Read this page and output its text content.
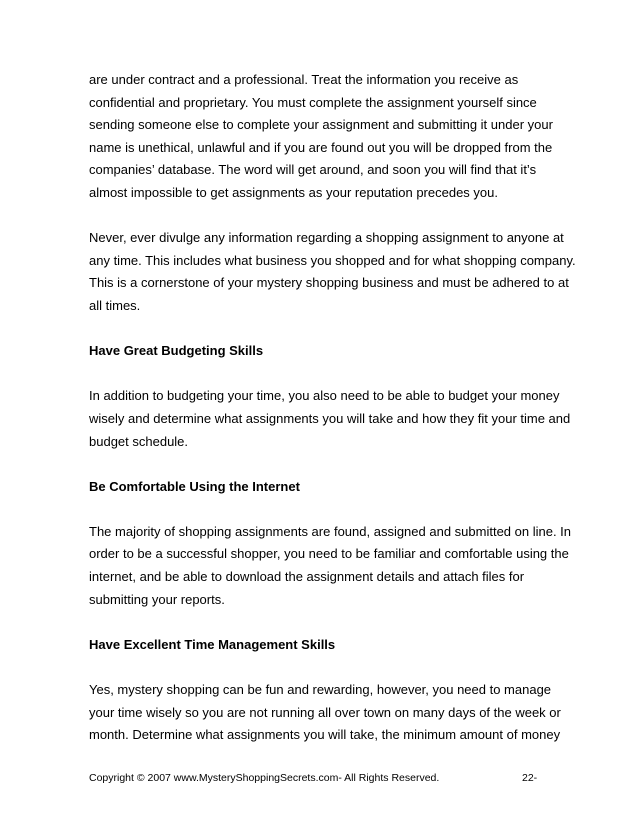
are under contract and a professional. Treat the information you receive as
confidential and proprietary. You must complete the assignment yourself since
sending someone else to complete your assignment and submitting it under your
name is unethical, unlawful and if you are found out you will be dropped from the
companies’ database. The word will get around, and soon you will find that it’s
almost impossible to get assignments as your reputation precedes you.

Never, ever divulge any information regarding a shopping assignment to anyone at
any time. This includes what business you shopped and for what shopping company.
This is a cornerstone of your mystery shopping business and must be adhered to at
all times.

Have Great Budgeting Skills

In addition to budgeting your time, you also need to be able to budget your money
wisely and determine what assignments you will take and how they fit your time and
budget schedule.

Be Comfortable Using the Internet

The majority of shopping assignments are found, assigned and submitted on line. In
order to be a successful shopper, you need to be familiar and comfortable using the
internet, and be able to download the assignment details and attach files for
submitting your reports.

Have Excellent Time Management Skills

Yes, mystery shopping can be fun and rewarding, however, you need to manage
your time wisely so you are not running all over town on many days of the week or
month. Determine what assignments you will take, the minimum amount of money

Copyright © 2007 www.MysteryShoppingSecrets.com- All Rights Reserved.	22-
